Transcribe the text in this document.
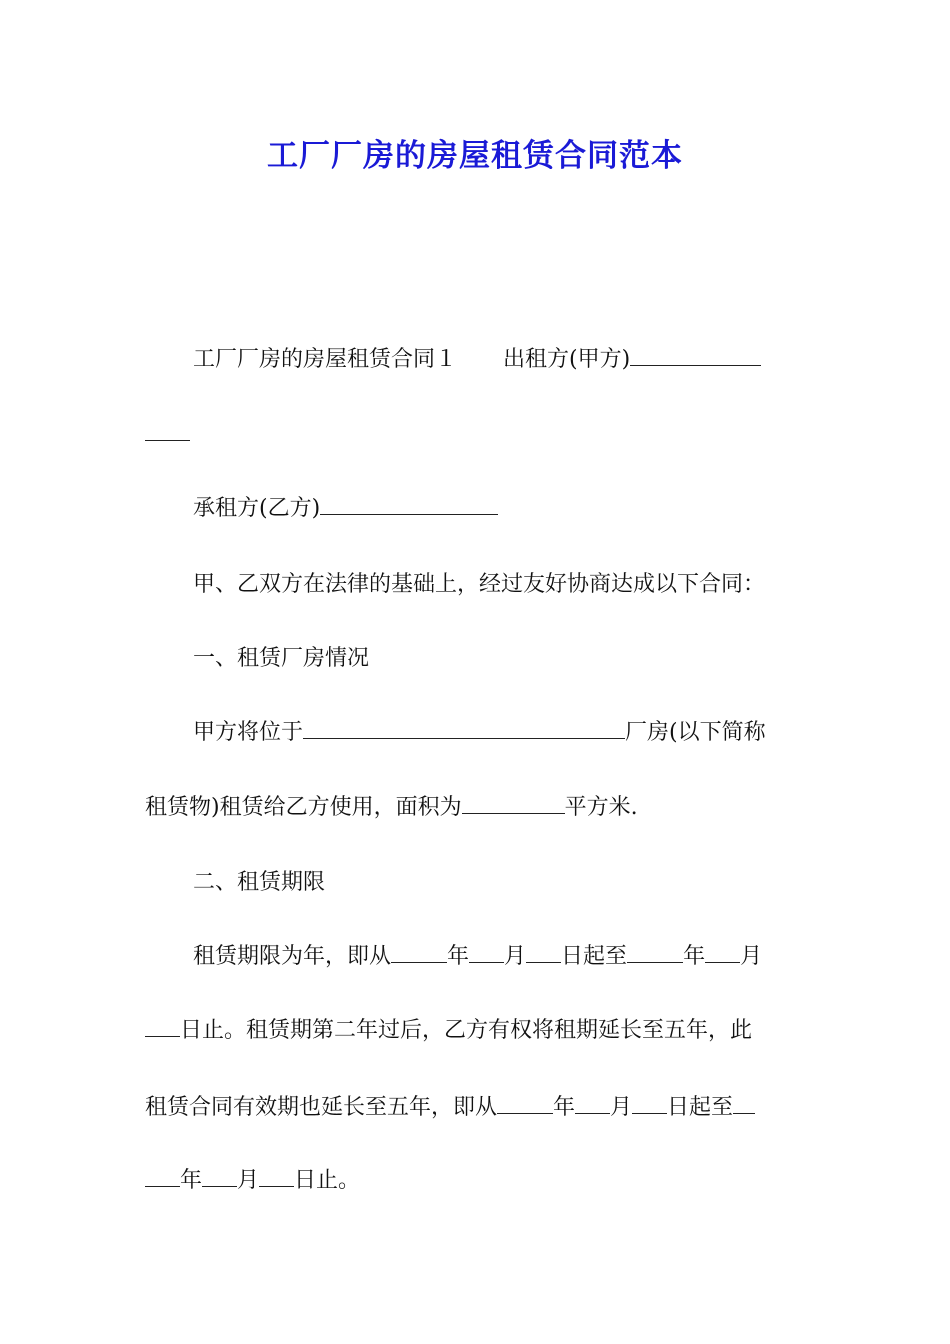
工厂厂房的房屋租赁合同范本
工厂厂房的房屋租赁合同１ 出租方(甲方)
承租方(乙方)
甲、乙双方在法律的基础上，经过友好协商达成以下合同：
一、租赁厂房情况
甲方将位于	厂房(以下简称
租赁物)租赁给乙方使用，面积为	平方米.
二、租赁期限
租赁期限为年，即从	年 月 日起至	年 月
日止。租赁期第二年过后，乙方有权将租期延长至五年，此
租赁合同有效期也延长至五年，即从	年 月 日起至
年 月 日止。
